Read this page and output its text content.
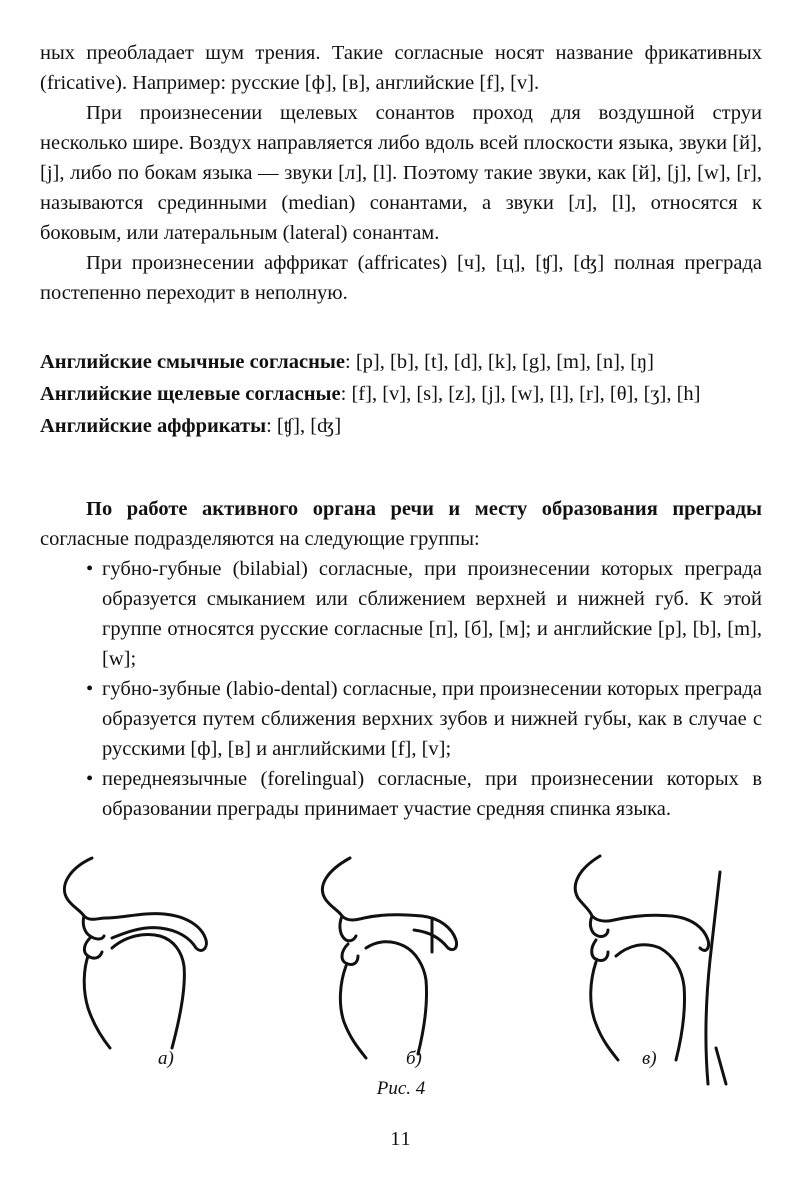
ных преобладает шум трения. Такие согласные носят название фрикативных (fricative). Например: русские [ф], [в], английские [f], [v].

При произнесении щелевых сонантов проход для воздушной струи несколько шире. Воздух направляется либо вдоль всей плоскости языка, звуки [й], [j], либо по бокам языка — звуки [л], [l]. Поэтому такие звуки, как [й], [j], [w], [r], называются срединными (median) сонантами, а звуки [л], [l], относятся к боковым, или латеральным (lateral) сонантам.

При произнесении аффрикат (affricates) [ч], [ц], [ʧ], [ʤ] полная преграда постепенно переходит в неполную.

Английские смычные согласные: [p], [b], [t], [d], [k], [g], [m], [n], [ŋ]

Английские щелевые согласные: [f], [v], [s], [z], [j], [w], [l], [r], [θ], [ʒ], [h]

Английские аффрикаты: [ʧ], [ʤ]

По работе активного органа речи и месту образования преграды согласные подразделяются на следующие группы:

• губно-губные (bilabial) согласные, при произнесении которых преграда образуется смыканием или сближением верхней и нижней губ. К этой группе относятся русские согласные [п], [б], [м]; и английские [p], [b], [m], [w];
• губно-зубные (labio-dental) согласные, при произнесении которых преграда образуется путем сближения верхних зубов и нижней губы, как в случае с русскими [ф], [в] и английскими [f], [v];
• переднеязычные (forelingual) согласные, при произнесении которых в образовании преграды принимает участие средняя спинка языка.
а)	б)	в)
Рис. 4
11
